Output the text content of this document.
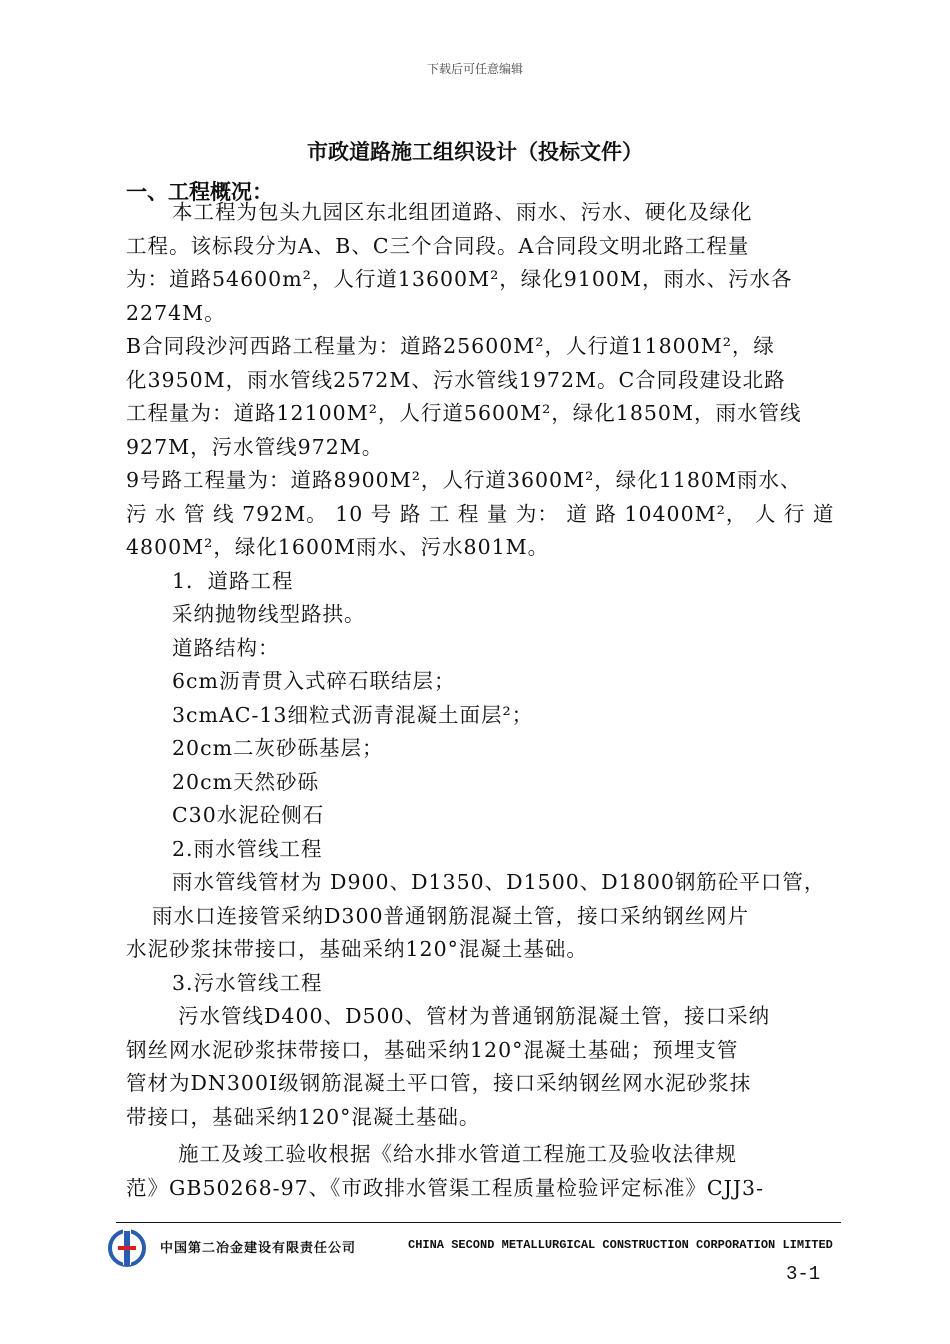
下载后可任意编辑
市政道路施工组织设计（投标文件）
一、工程概况：

本工程为包头九园区东北组团道路、雨水、污水、硬化及绿化

工程。该标段分为A、B、C三个合同段。A合同段文明北路工程量

为：道路54600m²，人行道13600M²，绿化9100M，雨水、污水各

2274M。

B合同段沙河西路工程量为：道路25600M²，人行道11800M²，绿

化3950M，雨水管线2572M、污水管线1972M。C合同段建设北路

工程量为：道路12100M²，人行道5600M²，绿化1850M，雨水管线

927M，污水管线972M。

9号路工程量为：道路8900M²，人行道3600M²，绿化1180M雨水、

污 水 管 线 792M。 10 号 路 工 程 量 为： 道 路 10400M²， 人 行 道

4800M²，绿化1600M雨水、污水801M。

1．道路工程

采纳抛物线型路拱。

道路结构：

6cm沥青贯入式碎石联结层；

3cmAC-13细粒式沥青混凝土面层²；

20cm二灰砂砾基层；

20cm天然砂砾

C30水泥砼侧石

2.雨水管线工程

雨水管线管材为 D900、D1350、D1500、D1800钢筋砼平口管，

雨水口连接管采纳D300普通钢筋混凝土管，接口采纳钢丝网片

水泥砂浆抹带接口，基础采纳120°混凝土基础。

3.污水管线工程

污水管线D400、D500、管材为普通钢筋混凝土管，接口采纳

钢丝网水泥砂浆抹带接口，基础采纳120°混凝土基础；预埋支管

管材为DN300Ⅰ级钢筋混凝土平口管，接口采纳钢丝网水泥砂浆抹

带接口，基础采纳120°混凝土基础。

施工及竣工验收根据《给水排水管道工程施工及验收法律规

范》GB50268-97、《市政排水管渠工程质量检验评定标准》CJJ3-

中国第二冶金建设有限责任公司	CHINA SECOND METALLURGICAL CONSTRUCTION CORPORATION LIMITED
3-1
